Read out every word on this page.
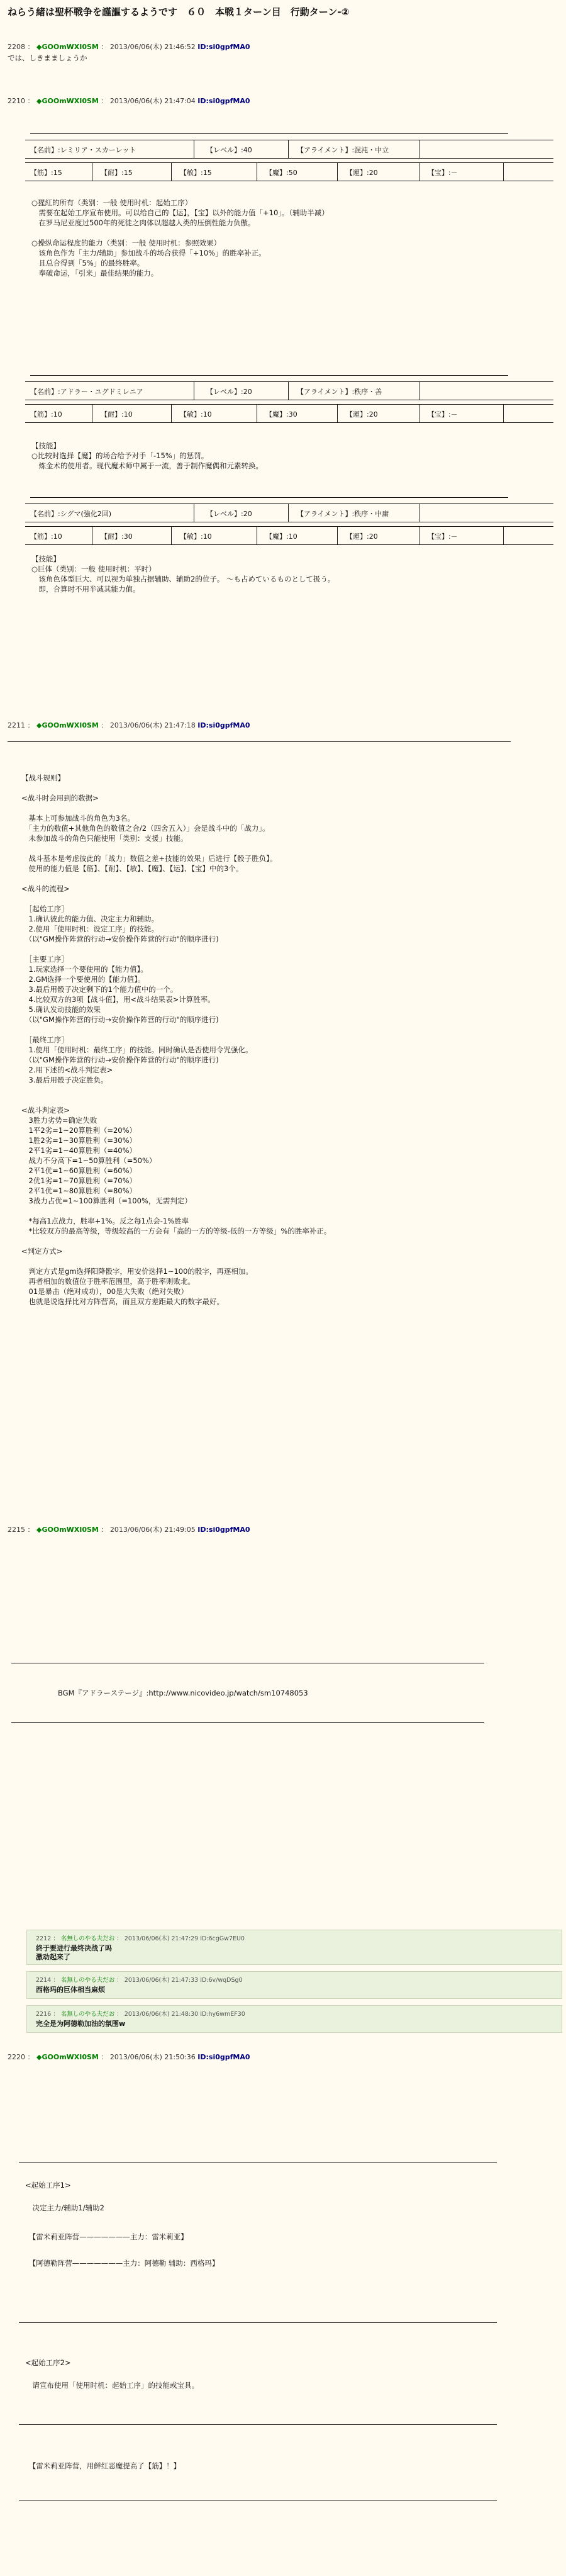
ねらう緒は聖杯戦争を謹謳するようです　６０　本戦１ターン目　行動ターン-②
2208 ： ◆GOOmWXI0SM ： 2013/06/06(木) 21:46:52 ID:si0gpfMA0
では、しきまましょうか
2210 ： ◆GOOmWXI0SM ： 2013/06/06(木) 21:47:04 ID:si0gpfMA0
【名前】:レミリア・スカーレット	【レベル】:40	【アライメント】:混沌・中立
【筋】:15	【耐】:15	【敏】:15	【魔】:50	【運】:20	【宝】:－
○猩紅的所有（类别：一般 使用时机：起始工序）
　需要在起始工序宣布使用。可以给自己的【运】，【宝】以外的能力值「+10」。（辅助半减）
　在罗马尼亚度过500年的死徒之肉体以超越人类的压倒性能力负傲。
○操纵命运程度的能力（类别：一般 使用时机：参照效果）
　该角色作为「主力/辅助」参加战斗的场合获得「+10%」的胜率补正。
　且总合得到「5%」的最终胜率。
　奉破命运，「引来」最佳结果的能力。
【名前】:アドラー・ユグドミレニア	【レベル】:20	【アライメント】:秩序・善
【筋】:10	【耐】:10	【敏】:10	【魔】:30	【運】:20	【宝】:－
【技能】
○比较时选择【魔】的场合给予对手「-15%」的惩罚。
　炼金术的使用者。现代魔术师中属于一流，善于制作魔偶和元素转换。
【名前】:シグマ(強化2回)	【レベル】:20	【アライメント】:秩序・中庸
【筋】:10	【耐】:30	【敏】:10	【魔】:10	【運】:20	【宝】:－
【技能】
○巨体（类别：一般 使用时机：平时）
　该角色体型巨大、可以视为单独占据辅助、辅助2的位子。 〜も占めているものとして扱う。
　即，合算时不用半减其能力值。
2211 ： ◆GOOmWXI0SM ： 2013/06/06(木) 21:47:18 ID:si0gpfMA0
【战斗规则】
<战斗时会用到的数据>
　基本上可参加战斗的角色为3名。
　「主力的数值+其他角色的数值之合/2（四舍五入）」会是战斗中的「战力」。
　未参加战斗的角色只能使用「类别：支援」技能。
　战斗基本是考虑彼此的「战力」数值之差+技能的效果」后进行【骰子胜负】。
　使用的能力值是【筋】、【耐】、【敏】、【魔】、【运】、【宝】中的3个。
<战斗的流程>
　［起始工序］
　1.确认彼此的能力值、决定主力和辅助。
　2.使用「使用时机：设定工序」的技能。
　（以"GM操作阵营的行动→安价操作阵营的行动"的顺序进行)
　［主要工序］
　1.玩家选择一个要使用的【能力值】。
　2.GM选择一个要使用的【能力值】。
　3.最后用骰子决定剩下的1个能力值中的一个。
　4.比较双方的3项【战斗值】，用<战斗结果表>计算胜率。
　5.确认发动技能的效果
　（以"GM操作阵营的行动→安价操作阵营的行动"的顺序进行)
　［最终工序］
　1.使用「使用时机：最终工序」的技能。同时确认是否使用令咒强化。
　（以"GM操作阵营的行动→安价操作阵营的行动"的顺序进行)
　2.用下述的<战斗判定表>
　3.最后用骰子决定胜负。
<战斗判定表>
　3胜力劣势=确定失败
　1平2劣=1~20算胜利（=20%）
　1胜2劣=1~30算胜利（=30%）
　2平1劣=1~40算胜利（=40%）
　战力不分高下=1~50算胜利（=50%）
　2平1优=1~60算胜利（=60%）
　2优1劣=1~70算胜利（=70%）
　2平1优=1~80算胜利（=80%）
　3战力占优=1~100算胜利（=100%，无需判定）
　*每高1点战力，胜率+1%。反之每1点会-1%胜率
　*比较双方的最高等级，等级较高的一方会有「高的一方的等级-低的一方等级」%的胜率补正。
<判定方式>
　判定方式是gm选择阳降骰字，用安价选择1~100的骰字，再逐相加。
　再者相加的数值位于胜率范围里，高于胜率则败北。
　01是暴击（绝对成功），00是大失败（绝对失败）
　也就是说选择比对方阵营高，而且双方差距最大的数字最好。
2215 ： ◆GOOmWXI0SM ： 2013/06/06(木) 21:49:05 ID:si0gpfMA0
BGM『アドラーステージ』:http://www.nicovideo.jp/watch/sm10748053
2212 ： 名無しのやる夫だお ： 2013/06/06(木) 21:47:29 ID:6cgGw7EU0
終于要进行最终决战了吗
激动起来了
2214 ： 名無しのやる夫だお ： 2013/06/06(木) 21:47:33 ID:6v/wqDSg0
西格玛的巨体相当麻烦
2216 ： 名無しのやる夫だお ： 2013/06/06(木) 21:48:30 ID:hy6wmEF30
完全是为阿德勒加油的氛围w
2220 ： ◆GOOmWXI0SM ： 2013/06/06(木) 21:50:36 ID:si0gpfMA0
<起始工序1>
　决定主力/辅助1/辅助2
　【雷米莉亚阵营———————主力：雷米莉亚】
　【阿德勒阵营———————主力：阿德勒 辅助：西格玛】
<起始工序2>
　请宣布使用「使用时机：起始工序」的技能或宝具。
　【雷米莉亚阵营，用鲜红恶魔提高了【筋】！】
